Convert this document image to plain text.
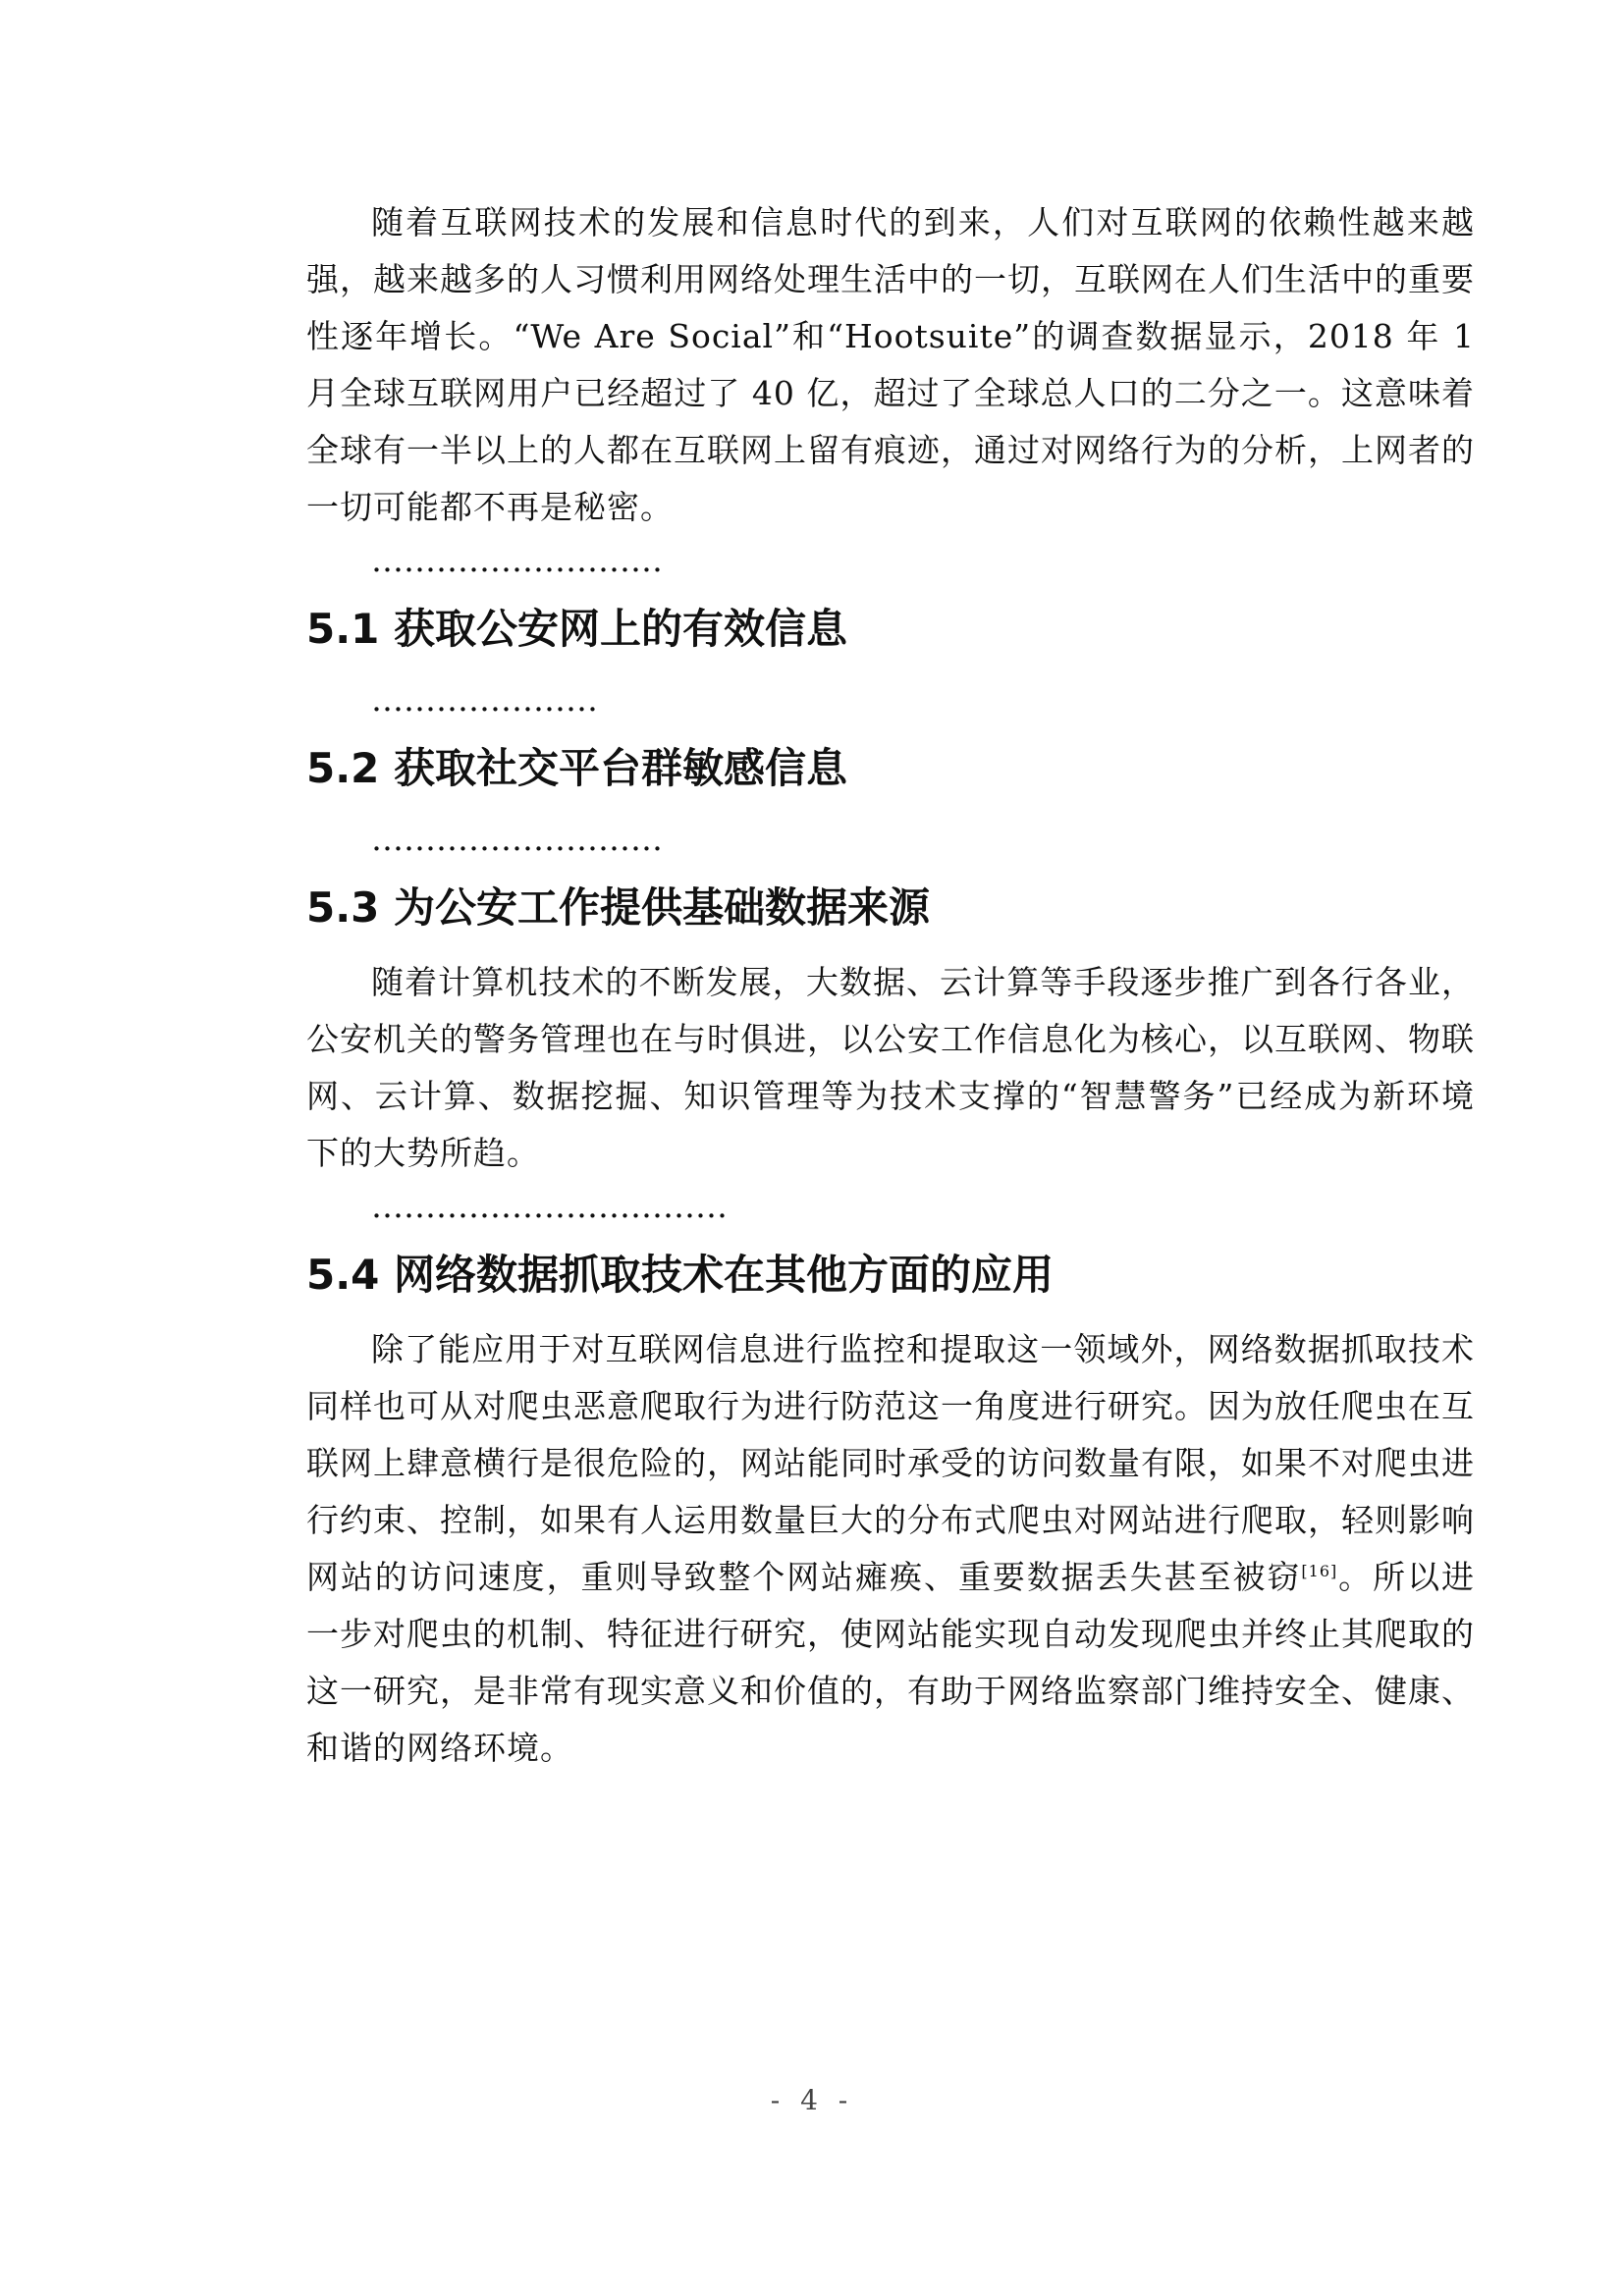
随着互联网技术的发展和信息时代的到来，人们对互联网的依赖性越来越强，越来越多的人习惯利用网络处理生活中的一切，互联网在人们生活中的重要性逐年增长。“We Are Social”和“Hootsuite”的调查数据显示，2018 年 1 月全球互联网用户已经超过了 40 亿，超过了全球总人口的二分之一。这意味着全球有一半以上的人都在互联网上留有痕迹，通过对网络行为的分析，上网者的一切可能都不再是秘密。

………………………
5.1 获取公安网上的有效信息
…………………
5.2 获取社交平台群敏感信息
………………………
5.3 为公安工作提供基础数据来源

随着计算机技术的不断发展，大数据、云计算等手段逐步推广到各行各业，公安机关的警务管理也在与时俱进，以公安工作信息化为核心，以互联网、物联网、云计算、数据挖掘、知识管理等为技术支撑的“智慧警务”已经成为新环境下的大势所趋。

……………………………
5.4 网络数据抓取技术在其他方面的应用

除了能应用于对互联网信息进行监控和提取这一领域外，网络数据抓取技术同样也可从对爬虫恶意爬取行为进行防范这一角度进行研究。因为放任爬虫在互联网上肆意横行是很危险的，网站能同时承受的访问数量有限，如果不对爬虫进行约束、控制，如果有人运用数量巨大的分布式爬虫对网站进行爬取，轻则影响网站的访问速度，重则导致整个网站瘫痪、重要数据丢失甚至被窃[16]。所以进一步对爬虫的机制、特征进行研究，使网站能实现自动发现爬虫并终止其爬取的这一研究，是非常有现实意义和价值的，有助于网络监察部门维持安全、健康、和谐的网络环境。

- 4 -
